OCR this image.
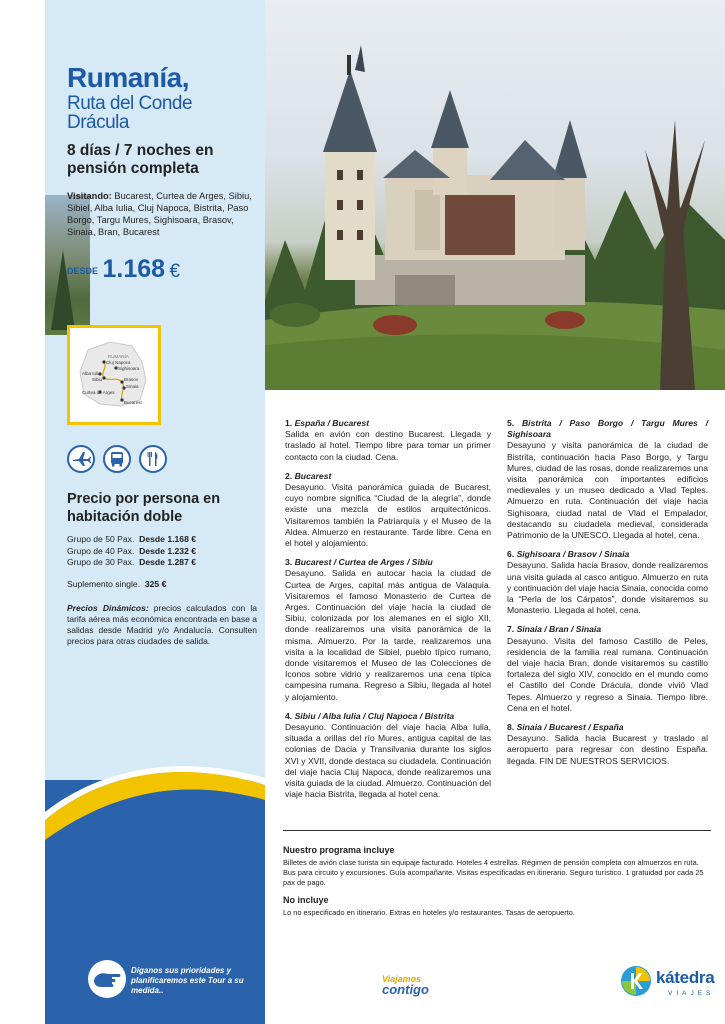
Rumanía,
Ruta del Conde Drácula
8 días / 7 noches en pensión completa
Visitando: Bucarest, Curtea de Arges, Sibiu, Sibiel, Alba Iulia, Cluj Napoca, Bistrita, Paso Borgo, Targu Mures, Sighisoara, Brasov, Sinaia, Bran, Bucarest
DESDE 1.168 €
RUMANÍA
Cluj Napoca
Sighisoara
Alba Iulia
Sibiu	Brasov
Sinaia
Curtea de Arges
Bucarest
Precio por persona en habitación doble
Grupo de 50 Pax. Desde 1.168 €
Grupo de 40 Pax. Desde 1.232 €
Grupo de 30 Pax. Desde 1.287 €
Suplemento single. 325 €
Precios Dinámicos: precios calculados con la tarifa aérea más económica encontrada en base a salidas desde Madrid y/o Andalucía. Consulten precios para otras ciudades de salida.
Díganos sus prioridades y planificaremos este Tour a su medida..
1. España / Bucarest

Salida en avión con destino Bucarest. Llegada y traslado al hotel. Tiempo libre para tomar un primer contacto con la ciudad. Cena.

2. Bucarest

Desayuno. Visita panorámica guiada de Bucarest, cuyo nombre significa “Ciudad de la alegría”, donde existe una mezcla de estilos arquitectónicos. Visitaremos también la Patriarquía y el Museo de la Aldea. Almuerzo en restaurante. Tarde libre. Cena en el hotel y alojamiento.

3. Bucarest / Curtea de Arges / Sibiu

Desayuno. Salida en autocar hacia la ciudad de Curtea de Arges, capital más antigua de Valaquia. Visitaremos el famoso Monasterio de Curtea de Arges. Continuación del viaje hacia la ciudad de Sibiu, colonizada por los alemanes en el siglo XII, donde realizaremos una visita panorámica de la misma. Almuerzo. Por la tarde, realizaremos una visita a la localidad de Sibiel, pueblo típico rumano, donde visitaremos el Museo de las Colecciones de Iconos sobre vidrio y realizaremos una cena típica campesina rumana. Regreso a Sibiu, llegada al hotel y alojamiento.

4. Sibiu / Alba Iulia / Cluj Napoca / Bistrita

Desayuno. Continuación del viaje hacia Alba Iulia, situada a orillas del río Mures, antigua capital de las colonias de Dacia y Transilvania durante los siglos XVI y XVII, donde destaca su ciudadela. Continuación del viaje hacia Cluj Napoca, donde realizaremos una visita guiada de la ciudad. Almuerzo. Continuación del viaje hacia Bistrita, llegada al hotel cena.

5. Bistrita / Paso Borgo / Targu Mures / Sighisoara

Desayuno y visita panorámica de la ciudad de Bistrita, continuación hacia Paso Borgo, y Targu Mures, ciudad de las rosas, donde realizaremos una visita panorámica con importantes edificios medievales y un museo dedicado a Vlad Teples. Almuerzo en ruta. Continuación del viaje hacia Sighisoara, ciudad natal de Vlad el Empalador, destacando su ciudadela medieval, considerada Patrimonio de la UNESCO. Llegada al hotel, cena.

6. Sighisoara / Brasov / Sinaia

Desayuno. Salida hacia Brasov, donde realizaremos una visita guiada al casco antiguo. Almuerzo en ruta y continuación del viaje hacia Sinaia, conocida como la “Perla de los Cárpatos”, donde visitaremos su Monasterio. Llegada al hotel, cena.

7. Sinaia / Bran / Sinaia

Desayuno. Visita del famoso Castillo de Peles, residencia de la familia real rumana. Continuación del viaje hacia Bran, donde visitaremos su castillo fortaleza del siglo XIV, conocido en el mundo como el Castillo del Conde Drácula, donde vivió Vlad Tepes. Almuerzo y regreso a Sinaia. Tiempo libre. Cena en el hotel.

8. Sinaia / Bucarest / España

Desayuno. Salida hacia Bucarest y traslado al aeropuerto para regresar con destino España. llegada. FIN DE NUESTROS SERVICIOS.

Nuestro programa incluye
Billetes de avión clase turista sin equipaje facturado. Hoteles 4 estrellas. Régimen de pensión completa con almuerzos en ruta. Bus para circuito y excursiones. Guía acompañante. Visitas especificadas en itinerario. Seguro turístico. 1 gratuidad por cada 25 pax de pago.
No incluye
Lo no especificado en itinerario. Extras en hoteles y/o restaurantes. Tasas de aeropuerto.
Viajamos
contigo
kátedra
VIAJES
